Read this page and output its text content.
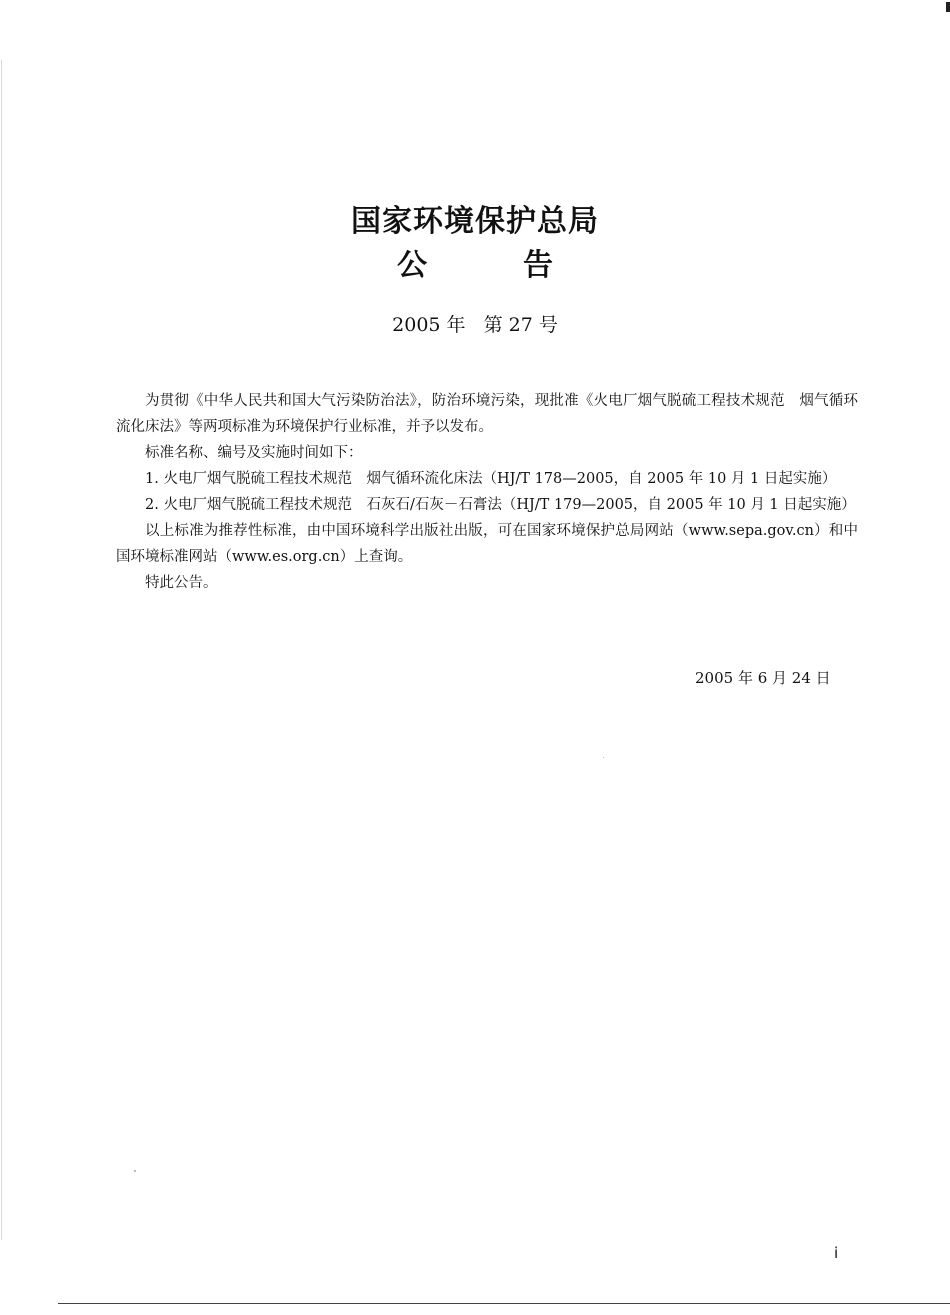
国家环境保护总局
公	告
2005 年 第 27 号

为贯彻《中华人民共和国大气污染防治法》，防治环境污染，现批准《火电厂烟气脱硫工程技术规范　烟气循环流化床法》等两项标准为环境保护行业标准，并予以发布。

标准名称、编号及实施时间如下：

1. 火电厂烟气脱硫工程技术规范　烟气循环流化床法（HJ/T 178—2005，自 2005 年 10 月 1 日起实施）

2. 火电厂烟气脱硫工程技术规范　石灰石/石灰－石膏法（HJ/T 179—2005，自 2005 年 10 月 1 日起实施）

以上标准为推荐性标准，由中国环境科学出版社出版，可在国家环境保护总局网站（www.sepa.gov.cn）和中国环境标准网站（www.es.org.cn）上查询。

特此公告。

2005 年 6 月 24 日
i
